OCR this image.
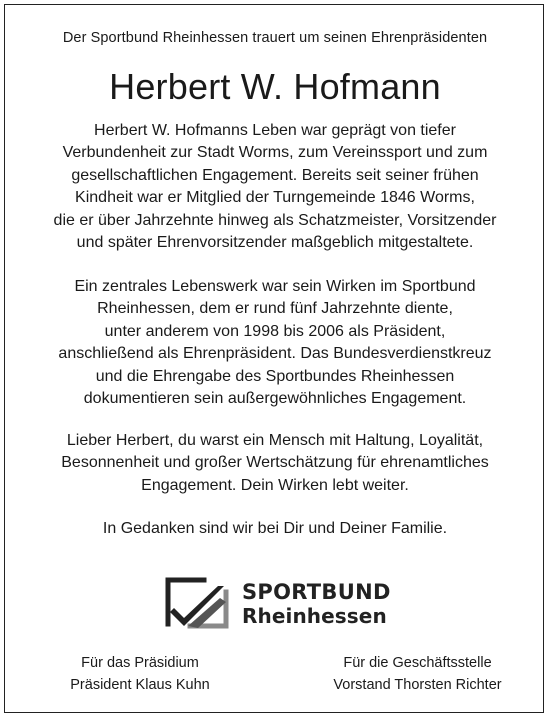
Der Sportbund Rheinhessen trauert um seinen Ehrenpräsidenten
Herbert W. Hofmann
Herbert W. Hofmanns Leben war geprägt von tiefer
Verbundenheit zur Stadt Worms, zum Vereinssport und zum
gesellschaftlichen Engagement. Bereits seit seiner frühen
Kindheit war er Mitglied der Turngemeinde 1846 Worms,
die er über Jahrzehnte hinweg als Schatzmeister, Vorsitzender
und später Ehrenvorsitzender maßgeblich mitgestaltete.
Ein zentrales Lebenswerk war sein Wirken im Sportbund
Rheinhessen, dem er rund fünf Jahrzehnte diente,
unter anderem von 1998 bis 2006 als Präsident,
anschließend als Ehrenpräsident. Das Bundesverdienstkreuz
und die Ehrengabe des Sportbundes Rheinhessen
dokumentieren sein außergewöhnliches Engagement.
Lieber Herbert, du warst ein Mensch mit Haltung, Loyalität,
Besonnenheit und großer Wertschätzung für ehrenamtliches
Engagement. Dein Wirken lebt weiter.
In Gedanken sind wir bei Dir und Deiner Familie.
SPORTBUND
Rheinhessen
Für das Präsidium
Präsident Klaus Kuhn
Für die Geschäftsstelle
Vorstand Thorsten Richter
